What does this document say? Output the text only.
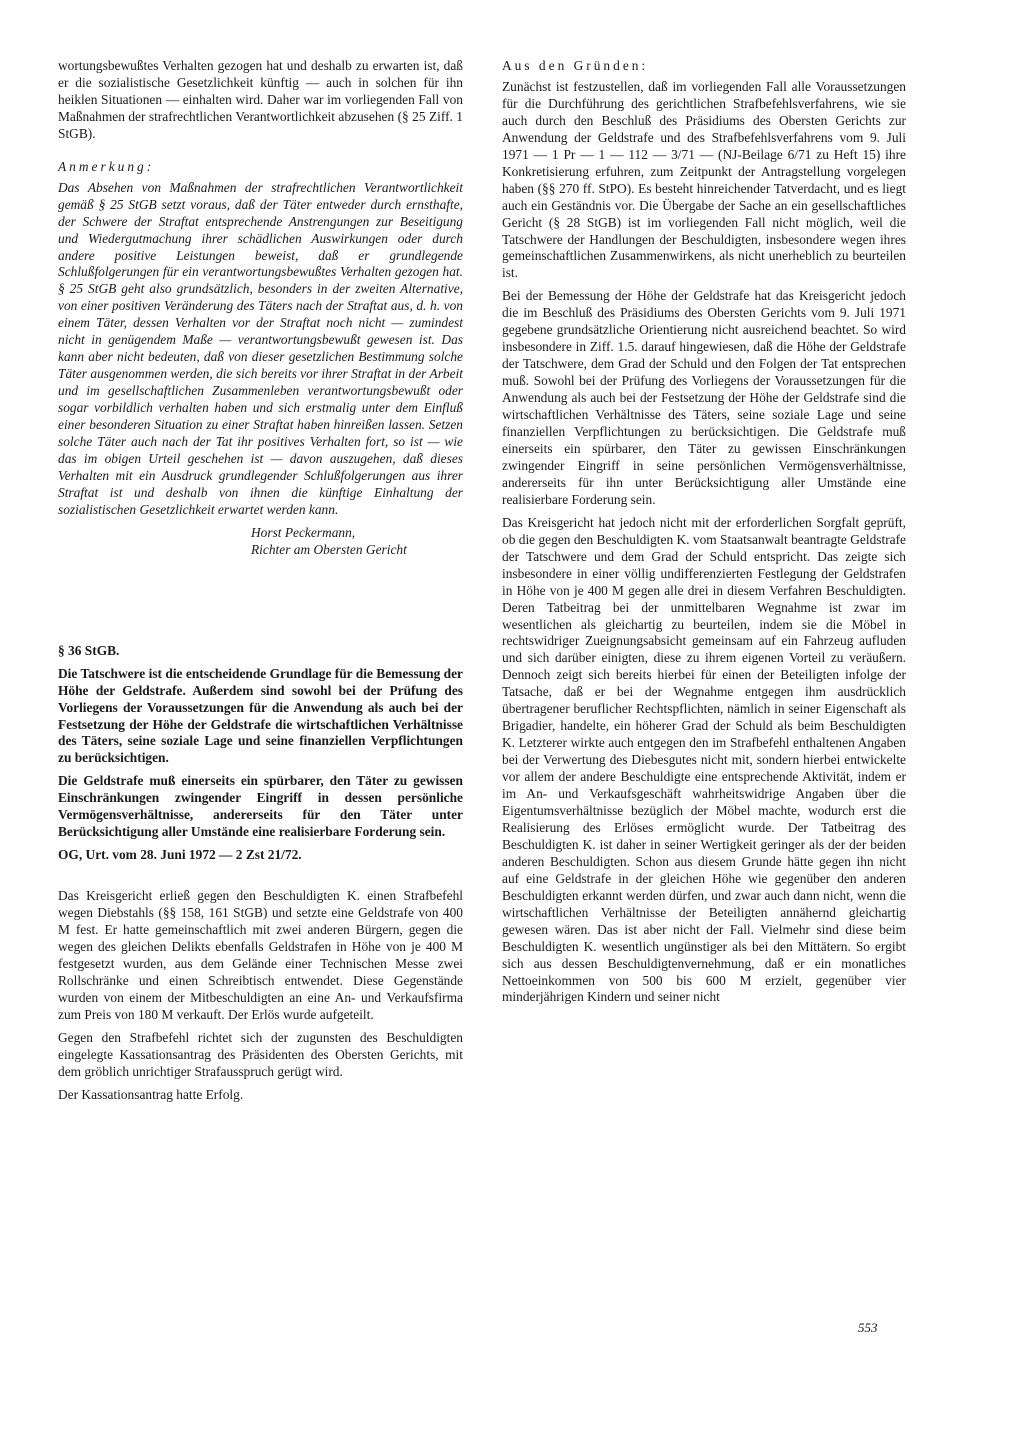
wortungsbewußtes Verhalten gezogen hat und deshalb zu erwarten ist, daß er die sozialistische Gesetzlichkeit künftig — auch in solchen für ihn heiklen Situationen — einhalten wird. Daher war im vorliegenden Fall von Maßnahmen der strafrechtlichen Verantwortlichkeit abzusehen (§ 25 Ziff. 1 StGB).

Anmerkung:

Das Absehen von Maßnahmen der strafrechtlichen Verantwortlichkeit gemäß § 25 StGB setzt voraus, daß der Täter entweder durch ernsthafte, der Schwere der Straftat entsprechende Anstrengungen zur Beseitigung und Wiedergutmachung ihrer schädlichen Auswirkungen oder durch andere positive Leistungen beweist, daß er grundlegende Schlußfolgerungen für ein verantwortungsbewußtes Verhalten gezogen hat. § 25 StGB geht also grundsätzlich, besonders in der zweiten Alternative, von einer positiven Veränderung des Täters nach der Straftat aus, d. h. von einem Täter, dessen Verhalten vor der Straftat noch nicht — zumindest nicht in genügendem Maße — verantwortungsbewußt gewesen ist. Das kann aber nicht bedeuten, daß von dieser gesetzlichen Bestimmung solche Täter ausgenommen werden, die sich bereits vor ihrer Straftat in der Arbeit und im gesellschaftlichen Zusammenleben verantwortungsbewußt oder sogar vorbildlich verhalten haben und sich erstmalig unter dem Einfluß einer besonderen Situation zu einer Straftat haben hinreißen lassen. Setzen solche Täter auch nach der Tat ihr positives Verhalten fort, so ist — wie das im obigen Urteil geschehen ist — davon auszugehen, daß dieses Verhalten mit ein Ausdruck grundlegender Schlußfolgerungen aus ihrer Straftat ist und deshalb von ihnen die künftige Einhaltung der sozialistischen Gesetzlichkeit erwartet werden kann.

Horst Peckermann,

Richter am Obersten Gericht

§ 36 StGB.

Die Tatschwere ist die entscheidende Grundlage für die Bemessung der Höhe der Geldstrafe. Außerdem sind sowohl bei der Prüfung des Vorliegens der Voraussetzungen für die Anwendung als auch bei der Festsetzung der Höhe der Geldstrafe die wirtschaftlichen Verhältnisse des Täters, seine soziale Lage und seine finanziellen Verpflichtungen zu berücksichtigen.

Die Geldstrafe muß einerseits ein spürbarer, den Täter zu gewissen Einschränkungen zwingender Eingriff in dessen persönliche Vermögensverhältnisse, andererseits für den Täter unter Berücksichtigung aller Umstände eine realisierbare Forderung sein.

OG, Urt. vom 28. Juni 1972 — 2 Zst 21/72.

Das Kreisgericht erließ gegen den Beschuldigten K. einen Strafbefehl wegen Diebstahls (§§ 158, 161 StGB) und setzte eine Geldstrafe von 400 M fest. Er hatte gemeinschaftlich mit zwei anderen Bürgern, gegen die wegen des gleichen Delikts ebenfalls Geldstrafen in Höhe von je 400 M festgesetzt wurden, aus dem Gelände einer Technischen Messe zwei Rollschränke und einen Schreibtisch entwendet. Diese Gegenstände wurden von einem der Mitbeschuldigten an eine An- und Verkaufsfirma zum Preis von 180 M verkauft. Der Erlös wurde aufgeteilt.

Gegen den Strafbefehl richtet sich der zugunsten des Beschuldigten eingelegte Kassationsantrag des Präsidenten des Obersten Gerichts, mit dem gröblich unrichtiger Strafausspruch gerügt wird.

Der Kassationsantrag hatte Erfolg.

Aus den Gründen:

Zunächst ist festzustellen, daß im vorliegenden Fall alle Voraussetzungen für die Durchführung des gerichtlichen Strafbefehlsverfahrens, wie sie auch durch den Beschluß des Präsidiums des Obersten Gerichts zur Anwendung der Geldstrafe und des Strafbefehlsverfahrens vom 9. Juli 1971 — 1 Pr — 1 — 112 — 3/71 — (NJ-Beilage 6/71 zu Heft 15) ihre Konkretisierung erfuhren, zum Zeitpunkt der Antragstellung vorgelegen haben (§§ 270 ff. StPO). Es besteht hinreichender Tatverdacht, und es liegt auch ein Geständnis vor. Die Übergabe der Sache an ein gesellschaftliches Gericht (§ 28 StGB) ist im vorliegenden Fall nicht möglich, weil die Tatschwere der Handlungen der Beschuldigten, insbesondere wegen ihres gemeinschaftlichen Zusammenwirkens, als nicht unerheblich zu beurteilen ist.

Bei der Bemessung der Höhe der Geldstrafe hat das Kreisgericht jedoch die im Beschluß des Präsidiums des Obersten Gerichts vom 9. Juli 1971 gegebene grundsätzliche Orientierung nicht ausreichend beachtet. So wird insbesondere in Ziff. 1.5. darauf hingewiesen, daß die Höhe der Geldstrafe der Tatschwere, dem Grad der Schuld und den Folgen der Tat entsprechen muß. Sowohl bei der Prüfung des Vorliegens der Voraussetzungen für die Anwendung als auch bei der Festsetzung der Höhe der Geldstrafe sind die wirtschaftlichen Verhältnisse des Täters, seine soziale Lage und seine finanziellen Verpflichtungen zu berücksichtigen. Die Geldstrafe muß einerseits ein spürbarer, den Täter zu gewissen Einschränkungen zwingender Eingriff in seine persönlichen Vermögensverhältnisse, andererseits für ihn unter Berücksichtigung aller Umstände eine realisierbare Forderung sein.

Das Kreisgericht hat jedoch nicht mit der erforderlichen Sorgfalt geprüft, ob die gegen den Beschuldigten K. vom Staatsanwalt beantragte Geldstrafe der Tatschwere und dem Grad der Schuld entspricht. Das zeigte sich insbesondere in einer völlig undifferenzierten Festlegung der Geldstrafen in Höhe von je 400 M gegen alle drei in diesem Verfahren Beschuldigten. Deren Tatbeitrag bei der unmittelbaren Wegnahme ist zwar im wesentlichen als gleichartig zu beurteilen, indem sie die Möbel in rechtswidriger Zueignungsabsicht gemeinsam auf ein Fahrzeug aufluden und sich darüber einigten, diese zu ihrem eigenen Vorteil zu veräußern. Dennoch zeigt sich bereits hierbei für einen der Beteiligten infolge der Tatsache, daß er bei der Wegnahme entgegen ihm ausdrücklich übertragener beruflicher Rechtspflichten, nämlich in seiner Eigenschaft als Brigadier, handelte, ein höherer Grad der Schuld als beim Beschuldigten K. Letzterer wirkte auch entgegen den im Strafbefehl enthaltenen Angaben bei der Verwertung des Diebesgutes nicht mit, sondern hierbei entwickelte vor allem der andere Beschuldigte eine entsprechende Aktivität, indem er im An- und Verkaufsgeschäft wahrheitswidrige Angaben über die Eigentumsverhältnisse bezüglich der Möbel machte, wodurch erst die Realisierung des Erlöses ermöglicht wurde. Der Tatbeitrag des Beschuldigten K. ist daher in seiner Wertigkeit geringer als der der beiden anderen Beschuldigten. Schon aus diesem Grunde hätte gegen ihn nicht auf eine Geldstrafe in der gleichen Höhe wie gegenüber den anderen Beschuldigten erkannt werden dürfen, und zwar auch dann nicht, wenn die wirtschaftlichen Verhältnisse der Beteiligten annähernd gleichartig gewesen wären. Das ist aber nicht der Fall. Vielmehr sind diese beim Beschuldigten K. wesentlich ungünstiger als bei den Mittätern. So ergibt sich aus dessen Beschuldigtenvernehmung, daß er ein monatliches Nettoeinkommen von 500 bis 600 M erzielt, gegenüber vier minderjährigen Kindern und seiner nicht

553
